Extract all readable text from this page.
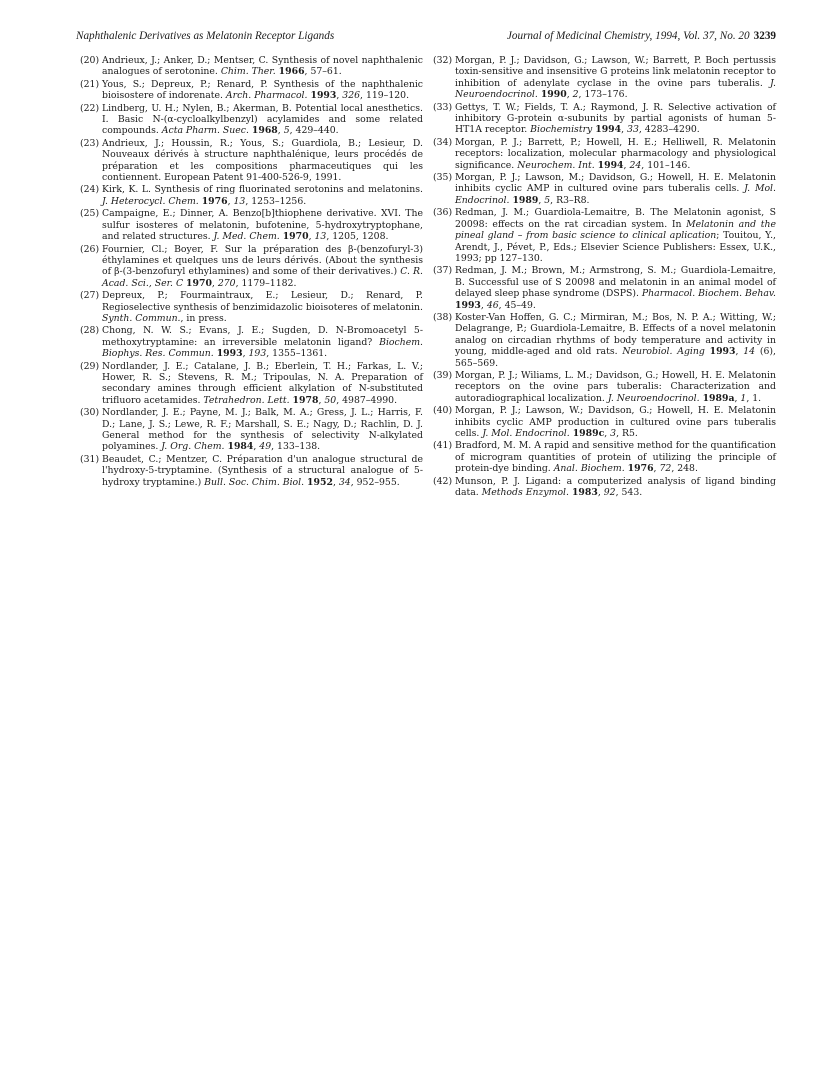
Naphthalenic Derivatives as Melatonin Receptor Ligands	Journal of Medicinal Chemistry, 1994, Vol. 37, No. 20 3239
(20) Andrieux, J.; Anker, D.; Mentser, C. Synthesis of novel naphthalenic analogues of serotonine. Chim. Ther. 1966, 57–61.
(21) Yous, S.; Depreux, P.; Renard, P. Synthesis of the naphthalenic bioisostere of indorenate. Arch. Pharmacol. 1993, 326, 119–120.
(22) Lindberg, U. H.; Nylen, B.; Akerman, B. Potential local anesthetics. I. Basic N-(α-cycloalkylbenzyl) acylamides and some related compounds. Acta Pharm. Suec. 1968, 5, 429–440.
(23) Andrieux, J.; Houssin, R.; Yous, S.; Guardiola, B.; Lesieur, D. Nouveaux dérivés à structure naphthalénique, leurs procédés de préparation et les compositions pharmaceutiques qui les contiennent. European Patent 91-400-526-9, 1991.
(24) Kirk, K. L. Synthesis of ring fluorinated serotonins and melatonins. J. Heterocycl. Chem. 1976, 13, 1253–1256.
(25) Campaigne, E.; Dinner, A. Benzo[b]thiophene derivative. XVI. The sulfur isosteres of melatonin, bufotenine, 5-hydroxytryptophane, and related structures. J. Med. Chem. 1970, 13, 1205, 1208.
(26) Fournier, Cl.; Boyer, F. Sur la préparation des β-(benzofuryl-3) éthylamines et quelques uns de leurs dérivés. (About the synthesis of β-(3-benzofuryl ethylamines) and some of their derivatives.) C. R. Acad. Sci., Ser. C 1970, 270, 1179–1182.
(27) Depreux, P.; Fourmaintraux, E.; Lesieur, D.; Renard, P. Regioselective synthesis of benzimidazolic bioisoteres of melatonin. Synth. Commun., in press.
(28) Chong, N. W. S.; Evans, J. E.; Sugden, D. N-Bromoacetyl 5-methoxytryptamine: an irreversible melatonin ligand? Biochem. Biophys. Res. Commun. 1993, 193, 1355–1361.
(29) Nordlander, J. E.; Catalane, J. B.; Eberlein, T. H.; Farkas, L. V.; Hower, R. S.; Stevens, R. M.; Tripoulas, N. A. Preparation of secondary amines through efficient alkylation of N-substituted trifluoro acetamides. Tetrahedron. Lett. 1978, 50, 4987–4990.
(30) Nordlander, J. E.; Payne, M. J.; Balk, M. A.; Gress, J. L.; Harris, F. D.; Lane, J. S.; Lewe, R. F.; Marshall, S. E.; Nagy, D.; Rachlin, D. J. General method for the synthesis of selectivity N-alkylated polyamines. J. Org. Chem. 1984, 49, 133–138.
(31) Beaudet, C.; Mentzer, C. Préparation d'un analogue structural de l'hydroxy-5-tryptamine. (Synthesis of a structural analogue of 5-hydroxy tryptamine.) Bull. Soc. Chim. Biol. 1952, 34, 952–955.
(32) Morgan, P. J.; Davidson, G.; Lawson, W.; Barrett, P. Boch pertussis toxin-sensitive and insensitive G proteins link melatonin receptor to inhibition of adenylate cyclase in the ovine pars tuberalis. J. Neuroendocrinol. 1990, 2, 173–176.
(33) Gettys, T. W.; Fields, T. A.; Raymond, J. R. Selective activation of inhibitory G-protein α-subunits by partial agonists of human 5-HT1A receptor. Biochemistry 1994, 33, 4283–4290.
(34) Morgan, P. J.; Barrett, P.; Howell, H. E.; Helliwell, R. Melatonin receptors: localization, molecular pharmacology and physiological significance. Neurochem. Int. 1994, 24, 101–146.
(35) Morgan, P. J.; Lawson, M.; Davidson, G.; Howell, H. E. Melatonin inhibits cyclic AMP in cultured ovine pars tuberalis cells. J. Mol. Endocrinol. 1989, 5, R3–R8.
(36) Redman, J. M.; Guardiola-Lemaitre, B. The Melatonin agonist, S 20098: effects on the rat circadian system. In Melatonin and the pineal gland – from basic science to clinical aplication; Touitou, Y., Arendt, J., Pévet, P., Eds.; Elsevier Science Publishers: Essex, U.K., 1993; pp 127–130.
(37) Redman, J. M.; Brown, M.; Armstrong, S. M.; Guardiola-Lemaitre, B. Successful use of S 20098 and melatonin in an animal model of delayed sleep phase syndrome (DSPS). Pharmacol. Biochem. Behav. 1993, 46, 45–49.
(38) Koster-Van Hoffen, G. C.; Mirmiran, M.; Bos, N. P. A.; Witting, W.; Delagrange, P.; Guardiola-Lemaitre, B. Effects of a novel melatonin analog on circadian rhythms of body temperature and activity in young, middle-aged and old rats. Neurobiol. Aging 1993, 14 (6), 565–569.
(39) Morgan, P. J.; Wiliams, L. M.; Davidson, G.; Howell, H. E. Melatonin receptors on the ovine pars tuberalis: Characterization and autoradiographical localization. J. Neuroendocrinol. 1989a, 1, 1.
(40) Morgan, P. J.; Lawson, W.; Davidson, G.; Howell, H. E. Melatonin inhibits cyclic AMP production in cultured ovine pars tuberalis cells. J. Mol. Endocrinol. 1989c, 3, R5.
(41) Bradford, M. M. A rapid and sensitive method for the quantification of microgram quantities of protein of utilizing the principle of protein-dye binding. Anal. Biochem. 1976, 72, 248.
(42) Munson, P. J. Ligand: a computerized analysis of ligand binding data. Methods Enzymol. 1983, 92, 543.
